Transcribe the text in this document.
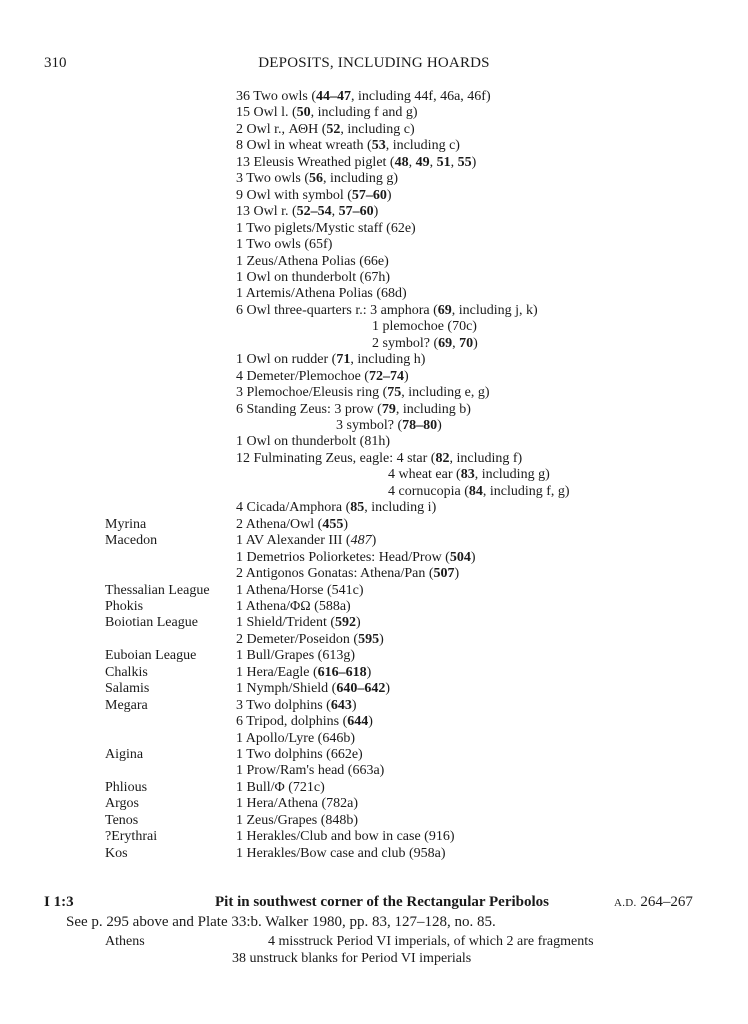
310	DEPOSITS, INCLUDING HOARDS
36 Two owls (44–47, including 44f, 46a, 46f)
15 Owl l. (50, including f and g)
2 Owl r., ΑΘΗ (52, including c)
8 Owl in wheat wreath (53, including c)
13 Eleusis Wreathed piglet (48, 49, 51, 55)
3 Two owls (56, including g)
9 Owl with symbol (57–60)
13 Owl r. (52–54, 57–60)
1 Two piglets/Mystic staff (62e)
1 Two owls (65f)
1 Zeus/Athena Polias (66e)
1 Owl on thunderbolt (67h)
1 Artemis/Athena Polias (68d)
6 Owl three-quarters r.: 3 amphora (69, including j, k)
1 plemochoe (70c)
2 symbol? (69, 70)
1 Owl on rudder (71, including h)
4 Demeter/Plemochoe (72–74)
3 Plemochoe/Eleusis ring (75, including e, g)
6 Standing Zeus: 3 prow (79, including b)
3 symbol? (78–80)
1 Owl on thunderbolt (81h)
12 Fulminating Zeus, eagle: 4 star (82, including f)
4 wheat ear (83, including g)
4 cornucopia (84, including f, g)
4 Cicada/Amphora (85, including i)
Myrina	2 Athena/Owl (455)
Macedon	1 AV Alexander III (487)
1 Demetrios Poliorketes: Head/Prow (504)
2 Antigonos Gonatas: Athena/Pan (507)
Thessalian League 1 Athena/Horse (541c)
Phokis	1 Athena/ΦΩ (588a)
Boiotian League	1 Shield/Trident (592)
2 Demeter/Poseidon (595)
Euboian League	1 Bull/Grapes (613g)
Chalkis	1 Hera/Eagle (616–618)
Salamis	1 Nymph/Shield (640–642)
Megara	3 Two dolphins (643)
6 Tripod, dolphins (644)
1 Apollo/Lyre (646b)
Aigina	1 Two dolphins (662e)
1 Prow/Ram's head (663a)
Phlious	1 Bull/Φ (721c)
Argos	1 Hera/Athena (782a)
Tenos	1 Zeus/Grapes (848b)
?Erythrai	1 Herakles/Club and bow in case (916)
Kos	1 Herakles/Bow case and club (958a)
I 1:3	Pit in southwest corner of the Rectangular Peribolos	A.D. 264–267
See p. 295 above and Plate 33:b. Walker 1980, pp. 83, 127–128, no. 85.
Athens	4 misstruck Period VI imperials, of which 2 are fragments
38 unstruck blanks for Period VI imperials
